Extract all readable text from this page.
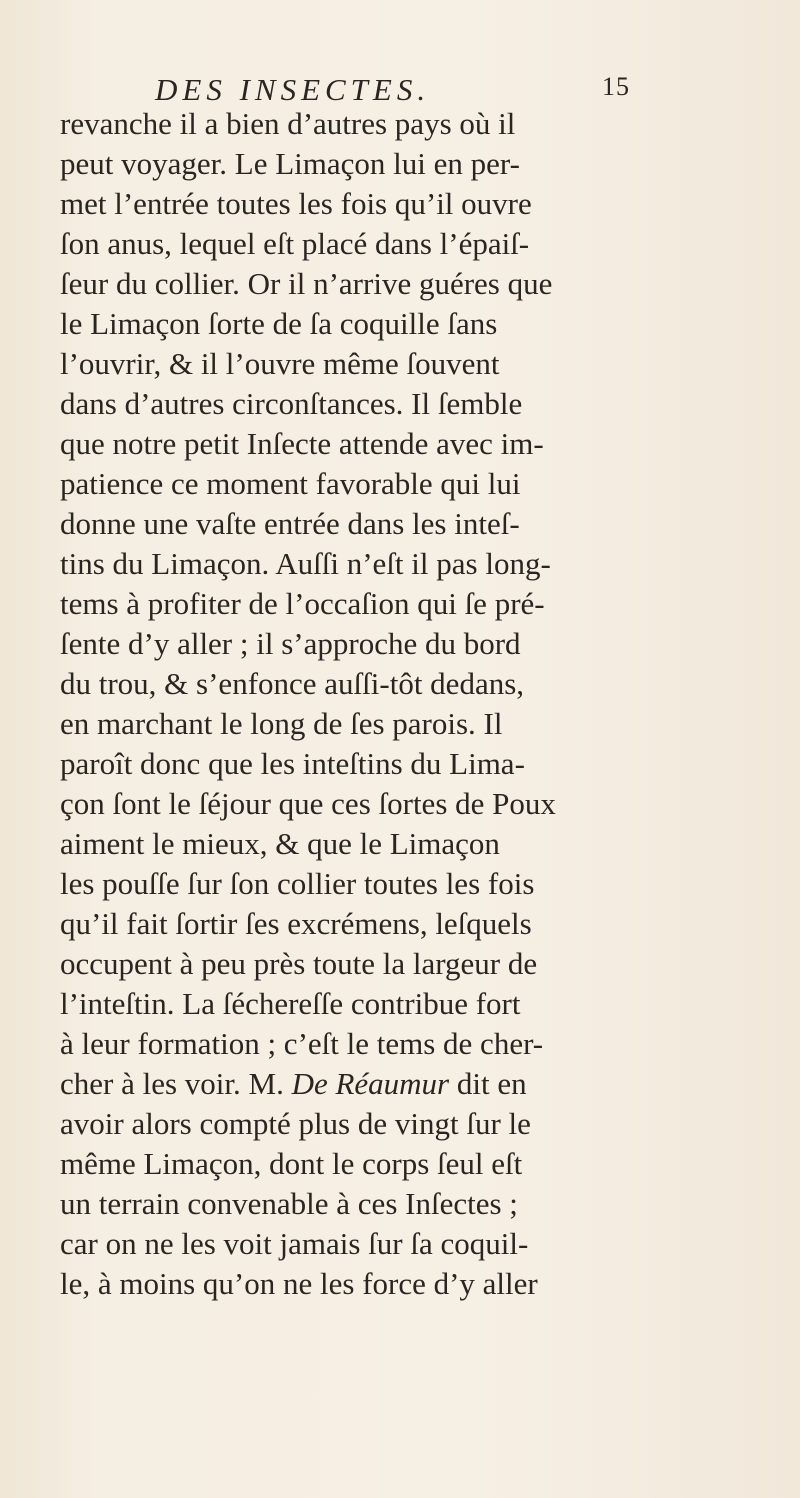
DES INSECTES.	15
revanche il a bien d’autres pays où il
peut voyager. Le Limaçon lui en per-
met l’entrée toutes les fois qu’il ouvre
ſon anus, lequel eſt placé dans l’épaiſ-
ſeur du collier. Or il n’arrive guéres que
le Limaçon ſorte de ſa coquille ſans
l’ouvrir, & il l’ouvre même ſouvent
dans d’autres circonſtances. Il ſemble
que notre petit Inſecte attende avec im-
patience ce moment favorable qui lui
donne une vaſte entrée dans les inteſ-
tins du Limaçon. Auſſi n’eſt il pas long-
tems à profiter de l’occaſion qui ſe pré-
ſente d’y aller ; il s’approche du bord
du trou, & s’enfonce auſſi-tôt dedans,
en marchant le long de ſes parois. Il
paroît donc que les inteſtins du Lima-
çon ſont le ſéjour que ces ſortes de Poux
aiment le mieux, & que le Limaçon
les pouſſe ſur ſon collier toutes les fois
qu’il fait ſortir ſes excrémens, leſquels
occupent à peu près toute la largeur de
l’inteſtin. La ſéchereſſe contribue fort
à leur formation ; c’eſt le tems de cher-
cher à les voir. M. De Réaumur dit en
avoir alors compté plus de vingt ſur le
même Limaçon, dont le corps ſeul eſt
un terrain convenable à ces Inſectes ;
car on ne les voit jamais ſur ſa coquil-
le, à moins qu’on ne les force d’y aller
